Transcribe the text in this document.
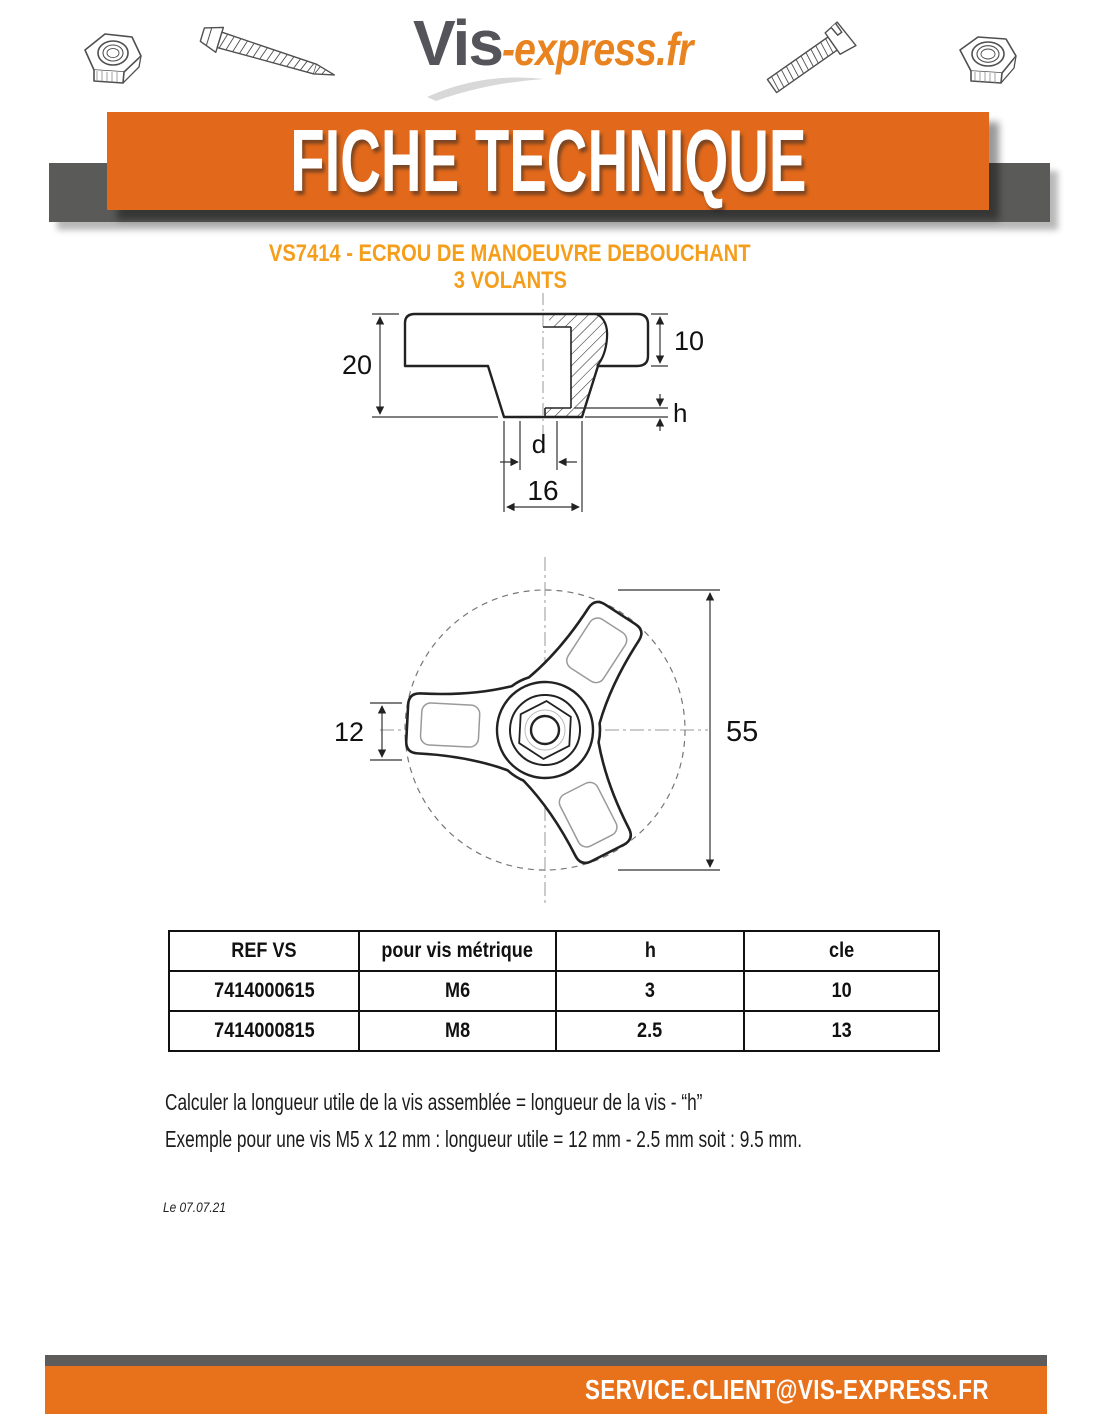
Vis-express.fr
FICHE TECHNIQUE
VS7414 - ECROU DE MANOEUVRE DEBOUCHANT
3 VOLANTS
20
10
h
d
16
12	55
REF VS	pour vis métrique	h	cle
7414000615	M6	3	10
7414000815	M8	2.5	13
Calculer la longueur utile de la vis assemblée = longueur de la vis - “h”
Exemple pour une vis M5 x 12 mm : longueur utile = 12 mm - 2.5 mm soit : 9.5 mm.
Le 07.07.21
SERVICE.CLIENT@VIS-EXPRESS.FR
